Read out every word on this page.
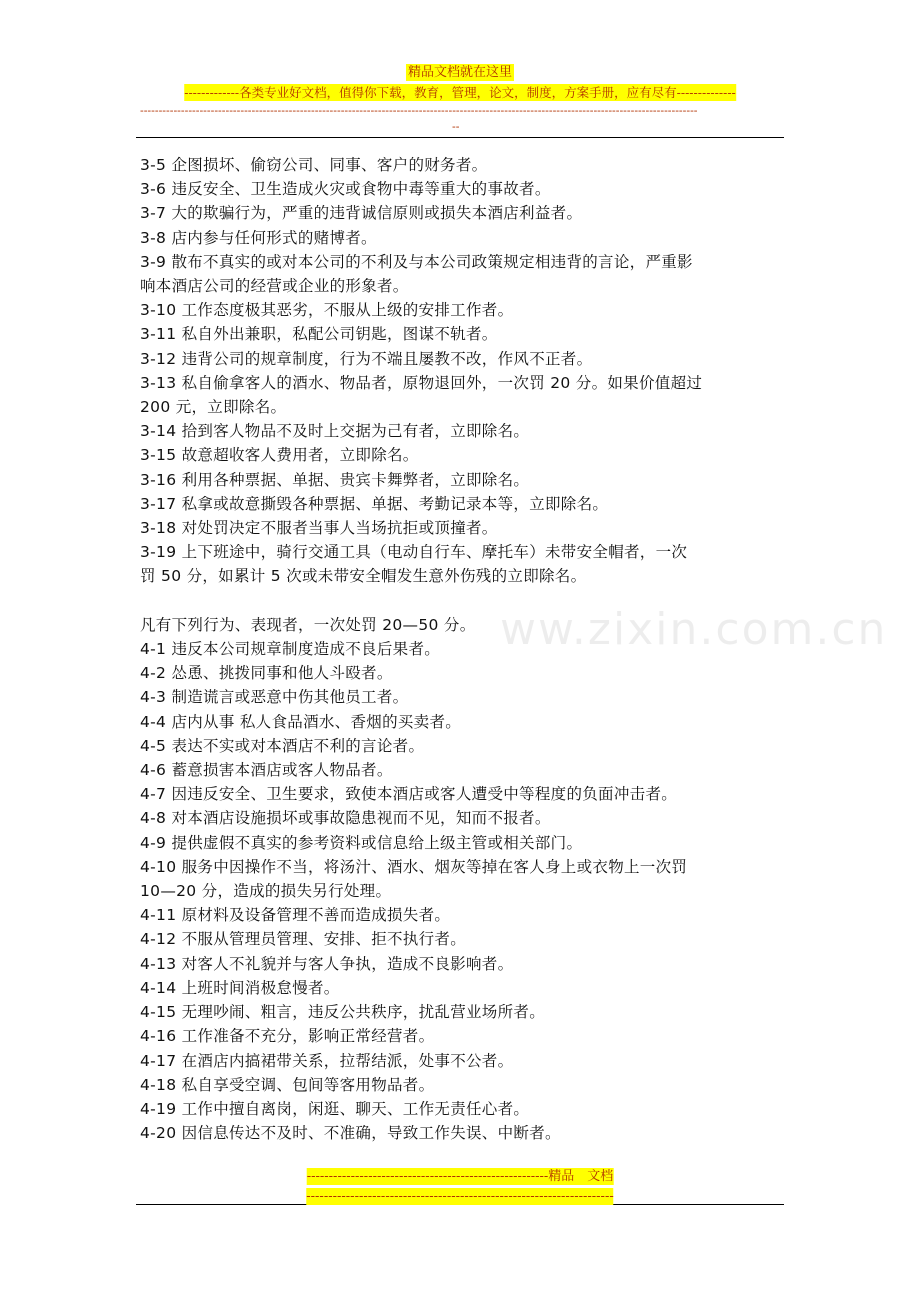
精品文档就在这里
-------------各类专业好文档，值得你下载，教育，管理，论文，制度，方案手册，应有尽有--------------
------------------------------------------------------------------------------------------------------------------------------------------------------
--
ww.zixin.com.cn
3-5 企图损坏、偷窃公司、同事、客户的财务者。
3-6 违反安全、卫生造成火灾或食物中毒等重大的事故者。
3-7 大的欺骗行为，严重的违背诚信原则或损失本酒店利益者。
3-8 店内参与任何形式的赌博者。
3-9 散布不真实的或对本公司的不利及与本公司政策规定相违背的言论，严重影
响本酒店公司的经营或企业的形象者。
3-10 工作态度极其恶劣，不服从上级的安排工作者。
3-11 私自外出兼职，私配公司钥匙，图谋不轨者。
3-12 违背公司的规章制度，行为不端且屡教不改，作风不正者。
3-13 私自偷拿客人的酒水、物品者，原物退回外，一次罚 20 分。如果价值超过
200 元，立即除名。
3-14 拾到客人物品不及时上交据为己有者，立即除名。
3-15 故意超收客人费用者，立即除名。
3-16 利用各种票据、单据、贵宾卡舞弊者，立即除名。
3-17 私拿或故意撕毁各种票据、单据、考勤记录本等，立即除名。
3-18 对处罚决定不服者当事人当场抗拒或顶撞者。
3-19 上下班途中，骑行交通工具（电动自行车、摩托车）未带安全帽者，一次
罚 50 分，如累计 5 次或未带安全帽发生意外伤残的立即除名。
凡有下列行为、表现者，一次处罚 20—50 分。
4-1 违反本公司规章制度造成不良后果者。
4-2 怂恿、挑拨同事和他人斗殴者。
4-3 制造谎言或恶意中伤其他员工者。
4-4 店内从事 私人食品酒水、香烟的买卖者。
4-5 表达不实或对本酒店不利的言论者。
4-6 蓄意损害本酒店或客人物品者。
4-7 因违反安全、卫生要求，致使本酒店或客人遭受中等程度的负面冲击者。
4-8 对本酒店设施损坏或事故隐患视而不见，知而不报者。
4-9 提供虚假不真实的参考资料或信息给上级主管或相关部门。
4-10 服务中因操作不当，将汤汁、酒水、烟灰等掉在客人身上或衣物上一次罚
10—20 分，造成的损失另行处理。
4-11 原材料及设备管理不善而造成损失者。
4-12 不服从管理员管理、安排、拒不执行者。
4-13 对客人不礼貌并与客人争执，造成不良影响者。
4-14 上班时间消极怠慢者。
4-15 无理吵闹、粗言，违反公共秩序，扰乱营业场所者。
4-16 工作准备不充分，影响正常经营者。
4-17 在酒店内搞裙带关系，拉帮结派，处事不公者。
4-18 私自享受空调、包间等客用物品者。
4-19 工作中擅自离岗，闲逛、聊天、工作无责任心者。
4-20 因信息传达不及时、不准确，导致工作失误、中断者。
-------------------------------------------------------精品　文档
----------------------------------------------------------------------
